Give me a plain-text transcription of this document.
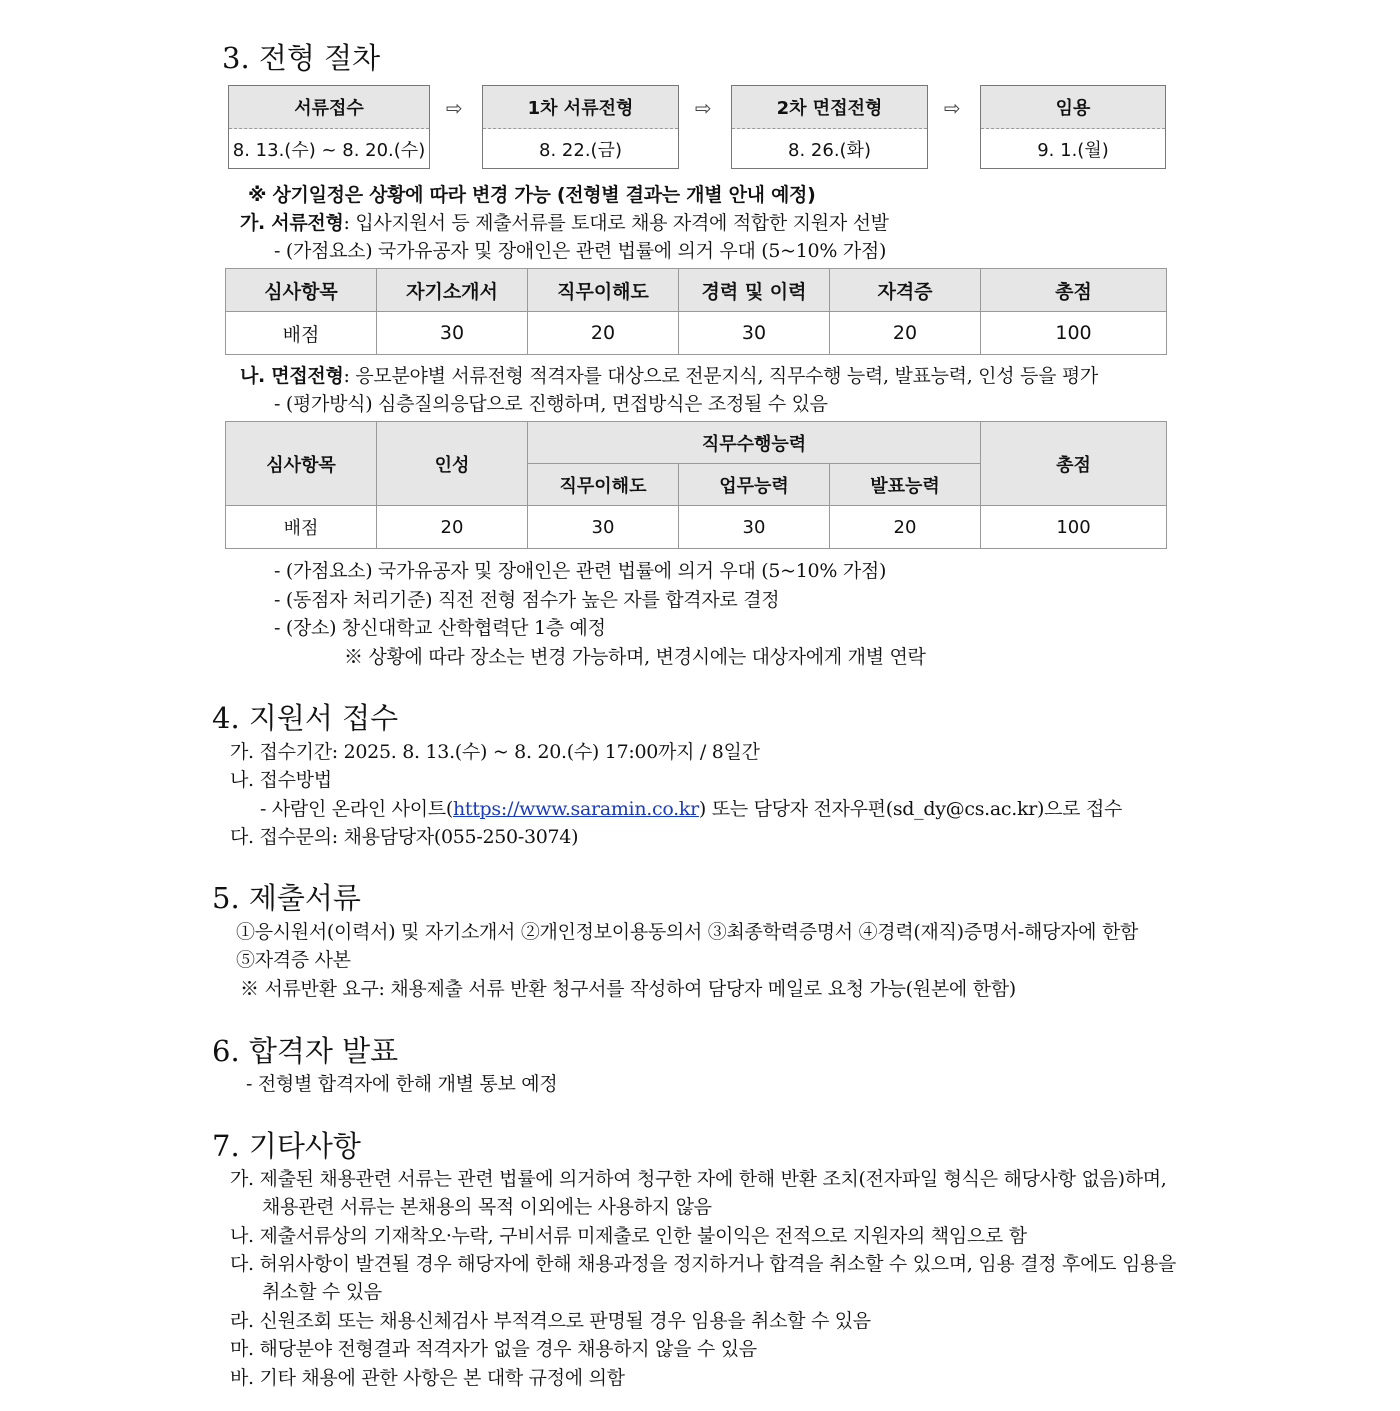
3. 전형 절차
서류접수
8. 13.(수) ~ 8. 20.(수)
⇨	1차 서류전형
8. 22.(금)
⇨	2차 면접전형
8. 26.(화)
⇨	임용
9. 1.(월)
※ 상기일정은 상황에 따라 변경 가능 (전형별 결과는 개별 안내 예정)
가. 서류전형: 입사지원서 등 제출서류를 토대로 채용 자격에 적합한 지원자 선발
- (가점요소) 국가유공자 및 장애인은 관련 법률에 의거 우대 (5~10% 가점)
심사항목	자기소개서	직무이해도	경력 및 이력	자격증	총점
배점	30	20	30	20	100
나. 면접전형: 응모분야별 서류전형 적격자를 대상으로 전문지식, 직무수행 능력, 발표능력, 인성 등을 평가
- (평가방식) 심층질의응답으로 진행하며, 면접방식은 조정될 수 있음
심사항목	인성	직무수행능력			총점
		직무이해도	업무능력	발표능력	
배점	20	30	30	20	100
- (가점요소) 국가유공자 및 장애인은 관련 법률에 의거 우대 (5~10% 가점)
- (동점자 처리기준) 직전 전형 점수가 높은 자를 합격자로 결정
- (장소) 창신대학교 산학협력단 1층 예정
※ 상황에 따라 장소는 변경 가능하며, 변경시에는 대상자에게 개별 연락
4. 지원서 접수
가. 접수기간: 2025. 8. 13.(수) ~ 8. 20.(수) 17:00까지 / 8일간
나. 접수방법
- 사람인 온라인 사이트(https://www.saramin.co.kr) 또는 담당자 전자우편(sd_dy@cs.ac.kr)으로 접수
다. 접수문의: 채용담당자(055-250-3074)
5. 제출서류
①응시원서(이력서) 및 자기소개서 ②개인정보이용동의서 ③최종학력증명서 ④경력(재직)증명서-해당자에 한함
⑤자격증 사본
※ 서류반환 요구: 채용제출 서류 반환 청구서를 작성하여 담당자 메일로 요청 가능(원본에 한함)
6. 합격자 발표
- 전형별 합격자에 한해 개별 통보 예정
7. 기타사항
가. 제출된 채용관련 서류는 관련 법률에 의거하여 청구한 자에 한해 반환 조치(전자파일 형식은 해당사항 없음)하며,
채용관련 서류는 본채용의 목적 이외에는 사용하지 않음
나. 제출서류상의 기재착오·누락, 구비서류 미제출로 인한 불이익은 전적으로 지원자의 책임으로 함
다. 허위사항이 발견될 경우 해당자에 한해 채용과정을 정지하거나 합격을 취소할 수 있으며, 임용 결정 후에도 임용을
취소할 수 있음
라. 신원조회 또는 채용신체검사 부적격으로 판명될 경우 임용을 취소할 수 있음
마. 해당분야 전형결과 적격자가 없을 경우 채용하지 않을 수 있음
바. 기타 채용에 관한 사항은 본 대학 규정에 의함
